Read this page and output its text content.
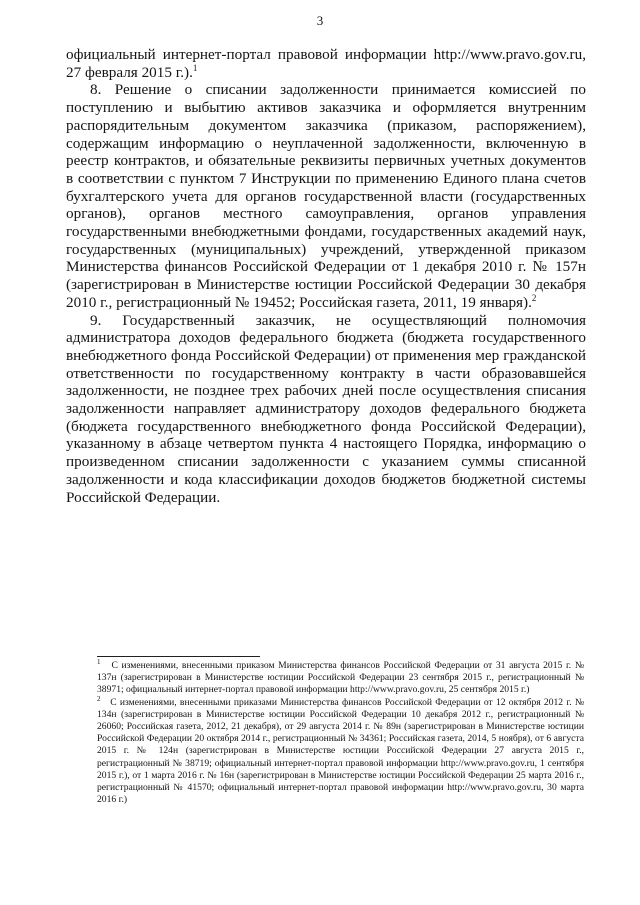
3

официальный интернет-портал правовой информации http://www.pravo.gov.ru, 27 февраля 2015 г.).$^1$

8. Решение о списании задолженности принимается комиссией по поступлению и выбытию активов заказчика и оформляется внутренним распорядительным документом заказчика (приказом, распоряжением), содержащим информацию о неуплаченной задолженности, включенную в реестр контрактов, и обязательные реквизиты первичных учетных документов в соответствии с пунктом 7 Инструкции по применению Единого плана счетов бухгалтерского учета для органов государственной власти (государственных органов), органов местного самоуправления, органов управления государственными внебюджетными фондами, государственных академий наук, государственных (муниципальных) учреждений, утвержденной приказом Министерства финансов Российской Федерации от 1 декабря 2010 г. № 157н (зарегистрирован в Министерстве юстиции Российской Федерации 30 декабря 2010 г., регистрационный № 19452; Российская газета, 2011, 19 января).$^2$

9. Государственный заказчик, не осуществляющий полномочия администратора доходов федерального бюджета (бюджета государственного внебюджетного фонда Российской Федерации) от применения мер гражданской ответственности по государственному контракту в части образовавшейся задолженности, не позднее трех рабочих дней после осуществления списания задолженности направляет администратору доходов федерального бюджета (бюджета государственного внебюджетного фонда Российской Федерации), указанному в абзаце четвертом пункта 4 настоящего Порядка, информацию о произведенном списании задолженности с указанием суммы списанной задолженности и кода классификации доходов бюджетов бюджетной системы Российской Федерации.

$^1$ С изменениями, внесенными приказом Министерства финансов Российской Федерации от 31 августа 2015 г. № 137н (зарегистрирован в Министерстве юстиции Российской Федерации 23 сентября 2015 г., регистрационный № 38971; официальный интернет-портал правовой информации http://www.pravo.gov.ru, 25 сентября 2015 г.)

$^2$ С изменениями, внесенными приказами Министерства финансов Российской Федерации от 12 октября 2012 г. № 134н (зарегистрирован в Министерстве юстиции Российской Федерации 10 декабря 2012 г., регистрационный № 26060; Российская газета, 2012, 21 декабря), от 29 августа 2014 г. № 89н (зарегистрирован в Министерстве юстиции Российской Федерации 20 октября 2014 г., регистрационный № 34361; Российская газета, 2014, 5 ноября), от 6 августа 2015 г. № 124н (зарегистрирован в Министерстве юстиции Российской Федерации 27 августа 2015 г., регистрационный № 38719; официальный интернет-портал правовой информации http://www.pravo.gov.ru, 1 сентября 2015 г.), от 1 марта 2016 г. № 16н (зарегистрирован в Министерстве юстиции Российской Федерации 25 марта 2016 г., регистрационный № 41570; официальный интернет-портал правовой информации http://www.pravo.gov.ru, 30 марта 2016 г.)
